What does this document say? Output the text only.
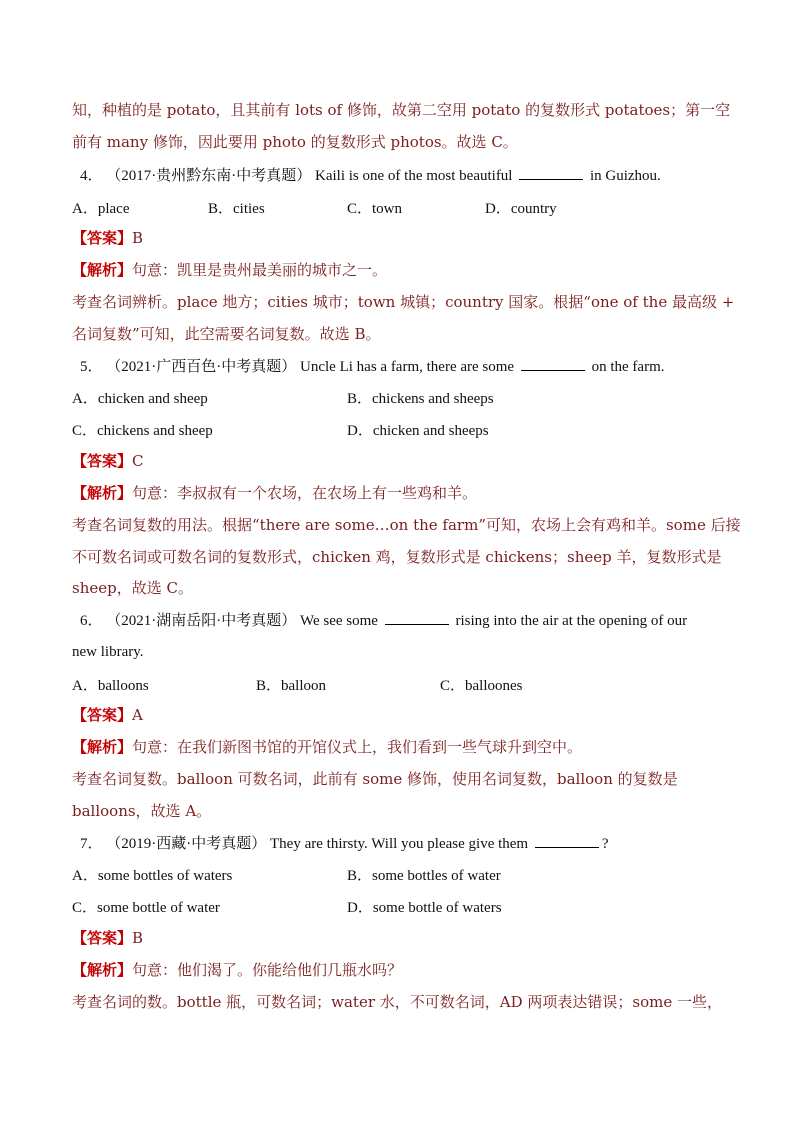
知，种植的是 potato，且其前有 lots of 修饰，故第二空用 potato 的复数形式 potatoes；第一空
前有 many 修饰，因此要用 photo 的复数形式 photos。故选 C。
4． （2017·贵州黔东南·中考真题） Kaili is one of the most beautiful	in Guizhou.
A．place	B．cities	C．town	D．country
【答案】B
【解析】句意：凯里是贵州最美丽的城市之一。
考查名词辨析。place 地方；cities 城市；town 城镇；country 国家。根据“one of the 最高级 +
名词复数”可知，此空需要名词复数。故选 B。
5． （2021·广西百色·中考真题） Uncle Li has a farm, there are some	on the farm.
A．chicken and sheep	B．chickens and sheeps
C．chickens and sheep	D．chicken and sheeps
【答案】C
【解析】句意：李叔叔有一个农场，在农场上有一些鸡和羊。
考查名词复数的用法。根据“there are some…on the farm”可知，农场上会有鸡和羊。some 后接
不可数名词或可数名词的复数形式，chicken 鸡，复数形式是 chickens；sheep 羊，复数形式是
sheep，故选 C。
6． （2021·湖南岳阳·中考真题） We see some	rising into the air at the opening of our
new library.
A．balloons	B．balloon	C．balloones
【答案】A
【解析】句意：在我们新图书馆的开馆仪式上，我们看到一些气球升到空中。
考查名词复数。balloon 可数名词，此前有 some 修饰，使用名词复数，balloon 的复数是
balloons，故选 A。
7． （2019·西藏·中考真题） They are thirsty. Will you please give them	?
A．some bottles of waters	B．some bottles of water
C．some bottle of water	D．some bottle of waters
【答案】B
【解析】句意：他们渴了。你能给他们几瓶水吗？
考查名词的数。bottle 瓶，可数名词；water 水，不可数名词，AD 两项表达错误；some 一些，
